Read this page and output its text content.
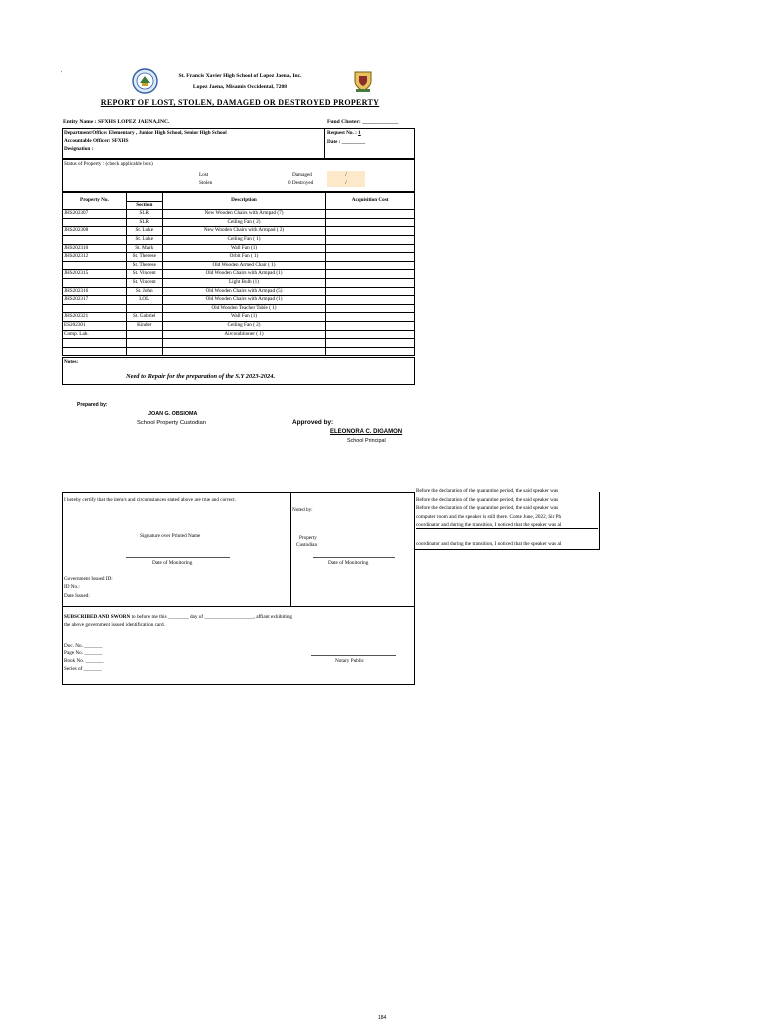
'	St. Francis Xavier High School of Lopez Jaena, Inc.
Lopez Jaena, Misamis Occidental, 7208
REPORT OF LOST, STOLEN, DAMAGED OR DESTROYED PROPERTY
Entity Name : SFXHS LOPEZ JAENA,INC.	Fund Cluster: _____________
Department/Office: Elementary , Junior High School, Senior High School
Accountable Officer: SFXHS
Designation :
Request No. : 1
Date : _________
Status of Property : (check applicable box)
Lost
Stolen
Damaged
0 Destroyed
/
/
Property No.		Description	Acquisition Cost
	Section		
JHS202307	SLR	New Wooden Chairs with Armpad (7)	
	SLR	Ceiling Fan ( 2)	
JHS202308	St. Luke	New Wooden Chairs with Armpad ( 2)	
	St. Luke	Ceiling Fan ( 1)	
JHS202310	St. Mark	Wall Fan (1)	
JHS202312	St. Therese	Orbit Fan ( 1)	
	St. Therese	Old Wooden Armed Chair ( 1)	
JHS202315	St. Vincent	Old Wooden Chairs with Armpad (1)	
	St. Vincent	Light Bulb (1)	
JHS202316	St. John	Old Wooden Chairs with Armpad (5)	
JHS202317	LOL	Old Wooden Chairs with Armpad (1)	
		Old Wooden Teacher Table ( 1)	
JHS202321	St. Gabriel	Wall Fan (1)	
ES202301	Kinder	Ceiling Fan ( 2)	
Comp. Lab.		Airconditioner ( 1)	

Notes:
Need to Repair for the preparation of the S.Y 2023-2024.
Prepared by:
JOAN G. OBSIOMA
School Property Custodian	Approved by:
ELEONORA C. DIGAMON
School Principal
I hereby certify that the item/s and circumstances stated above are true and correct.
Noted by:
Signature over Printed Name	Property
Custodian
Date of Monitoring	Date of Monitoring
Government Issued ID:
ID No.:
Date Issued:
SUBSCRIBED AND SWORN to before me this ________ day of ___________________, affiant exhibiting
the above government issued identification card.
Doc. No. _______
Page No. _______
Book No. _______
Series of _______
Notary Public
Before the declaration of the quarantine period, the said speaker was
Before the declaration of the quarantine period, the said speaker was
Before the declaration of the quarantine period, the said speaker was
computer room and the speaker is still there. Come June, 2022, Sir Ph
coordinator and during the transition, I noticed that the speaker was al
coordinator and during the transition, I noticed that the speaker was al
184
